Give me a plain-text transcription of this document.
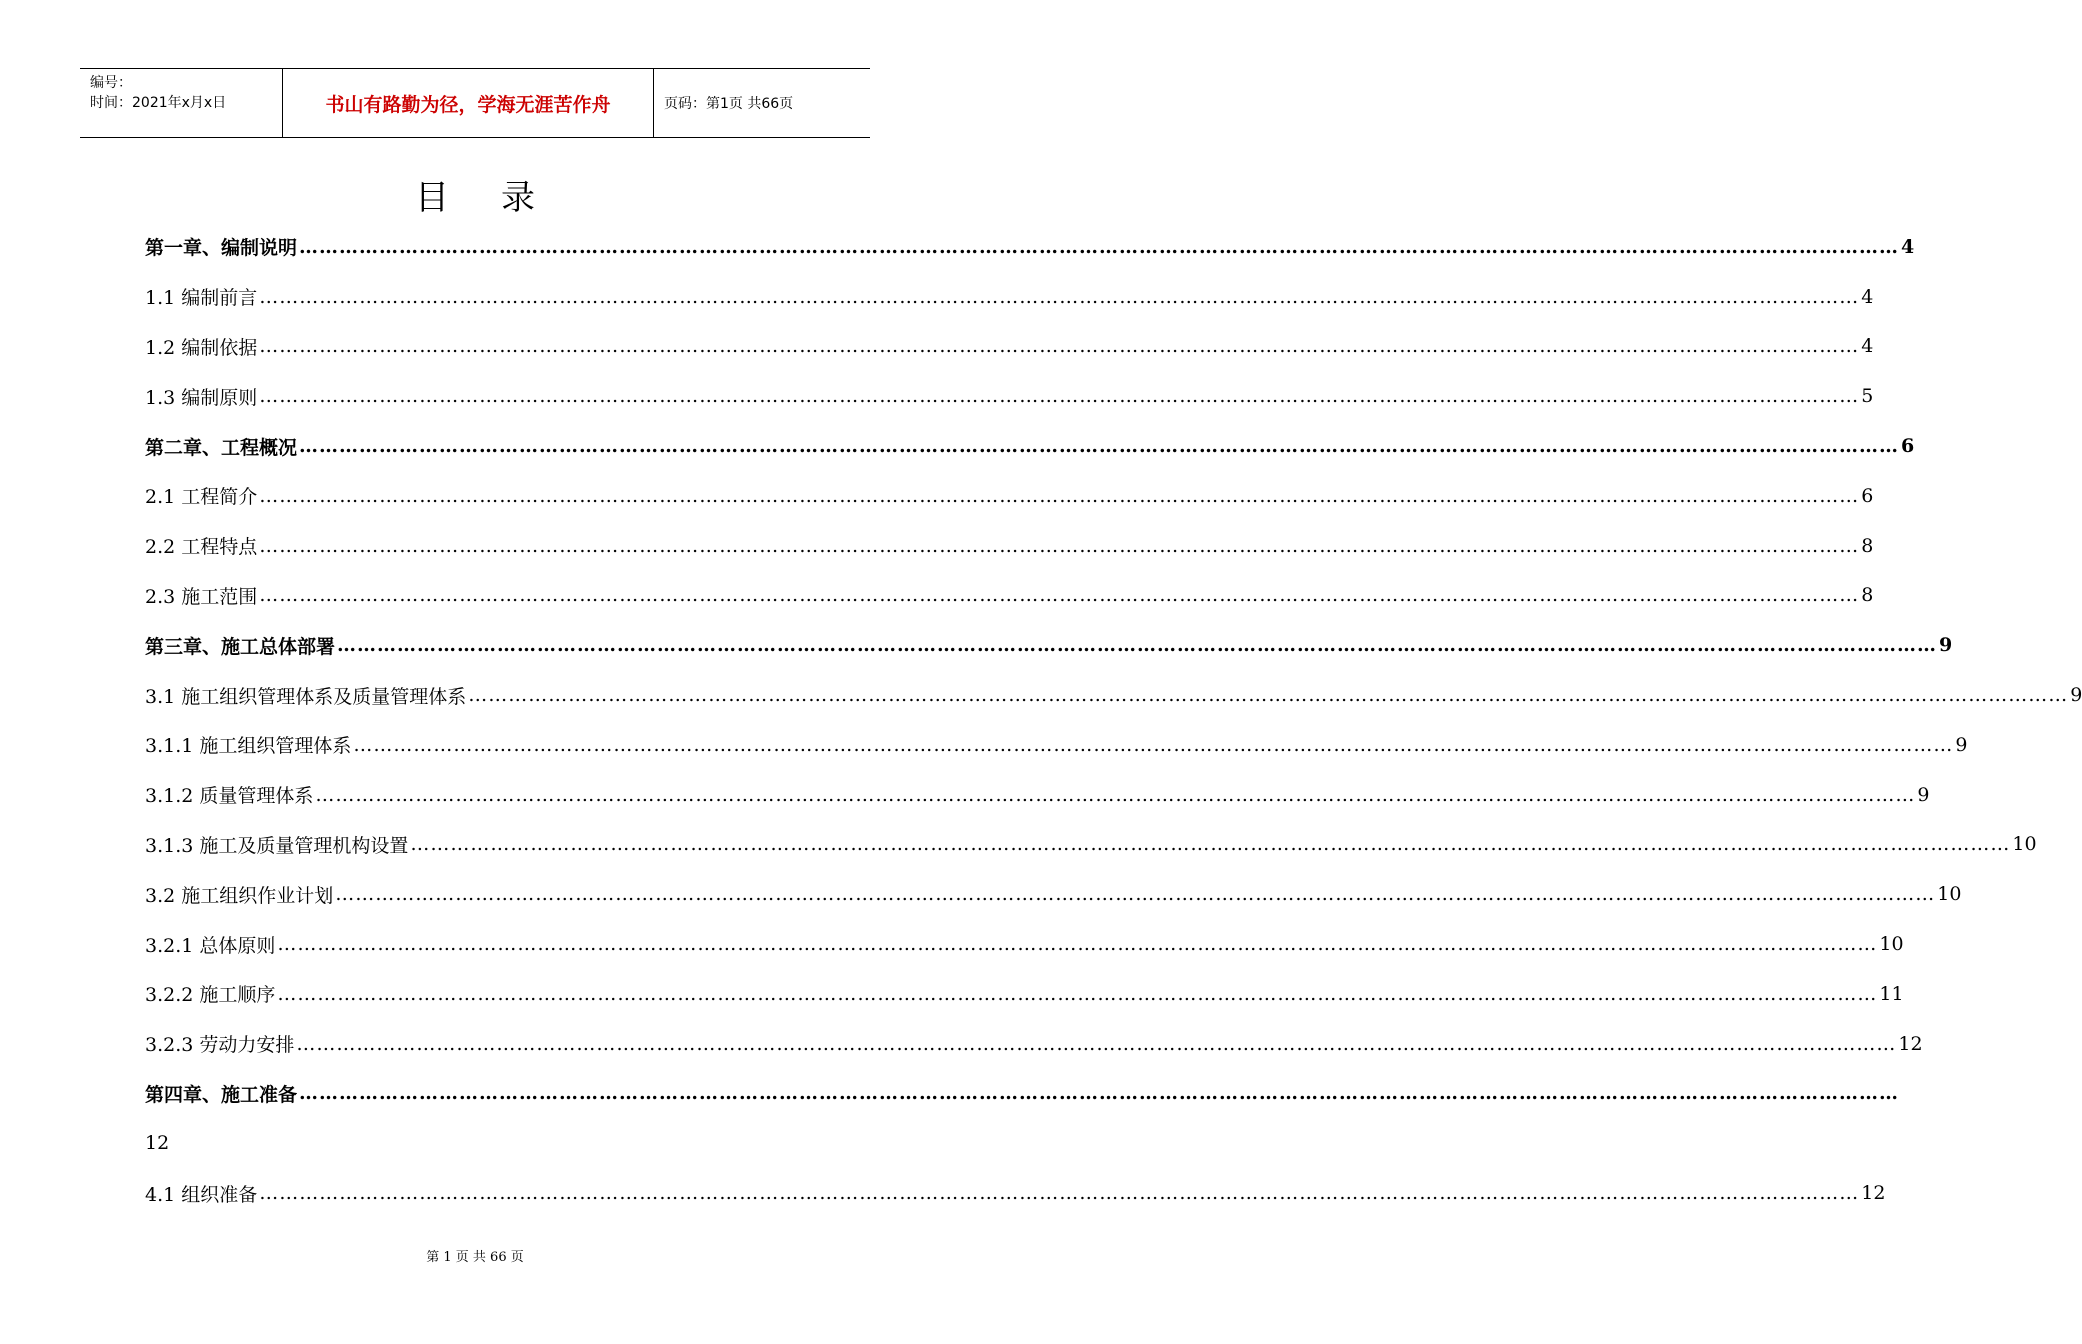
编号：
时间：2021年x月x日	书山有路勤为径，学海无涯苦作舟	页码：第1页 共66页
目录
第一章、编制说明 …………………………………………………………………………………………………………………………………………………………………………………………………………………… 4
1.1 编制前言 …………………………………………………………………………………………………………………………………………………………………………………………………………………… 4
1.2 编制依据 …………………………………………………………………………………………………………………………………………………………………………………………………………………… 4
1.3 编制原则 …………………………………………………………………………………………………………………………………………………………………………………………………………………… 5
第二章、工程概况 …………………………………………………………………………………………………………………………………………………………………………………………………………………… 6
2.1 工程简介 …………………………………………………………………………………………………………………………………………………………………………………………………………………… 6
2.2 工程特点 …………………………………………………………………………………………………………………………………………………………………………………………………………………… 8
2.3 施工范围 …………………………………………………………………………………………………………………………………………………………………………………………………………………… 8
第三章、施工总体部署 …………………………………………………………………………………………………………………………………………………………………………………………………………………… 9
3.1 施工组织管理体系及质量管理体系 …………………………………………………………………………………………………………………………………………………………………………………………………………………… 9
3.1.1 施工组织管理体系 …………………………………………………………………………………………………………………………………………………………………………………………………………………… 9
3.1.2 质量管理体系 …………………………………………………………………………………………………………………………………………………………………………………………………………………… 9
3.1.3 施工及质量管理机构设置 …………………………………………………………………………………………………………………………………………………………………………………………………………………… 10
3.2 施工组织作业计划 …………………………………………………………………………………………………………………………………………………………………………………………………………………… 10
3.2.1 总体原则 …………………………………………………………………………………………………………………………………………………………………………………………………………………… 10
3.2.2 施工顺序 …………………………………………………………………………………………………………………………………………………………………………………………………………………… 11
3.2.3 劳动力安排 …………………………………………………………………………………………………………………………………………………………………………………………………………………… 12
第四章、施工准备 ……………………………………………………………………………………………………………………………………………………………………………………………………………………
12
4.1 组织准备 …………………………………………………………………………………………………………………………………………………………………………………………………………………… 12
第 1 页 共 66 页
